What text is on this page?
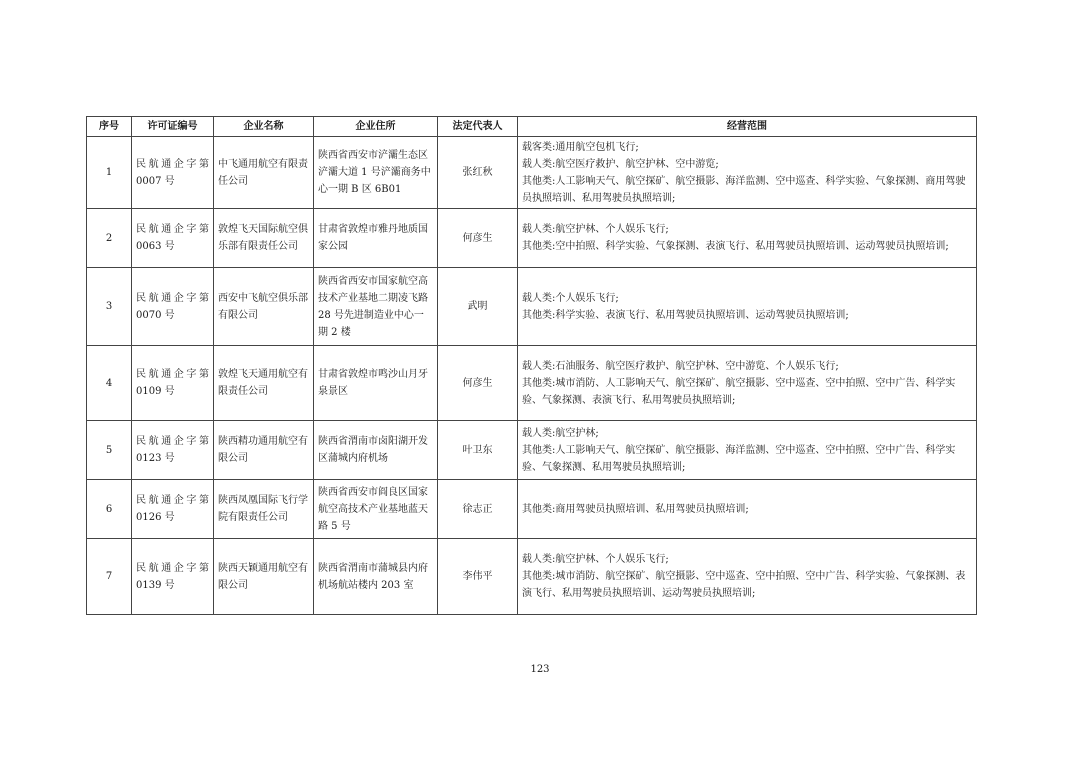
序号	许可证编号	企业名称	企业住所	法定代表人	经营范围
1	民航通企字第 0007 号	中飞通用航空有限责任公司	陕西省西安市浐灞生态区浐灞大道 1 号浐灞商务中心一期 B 区 6B01	张红秋	载客类:通用航空包机飞行;
载人类:航空医疗救护、航空护林、空中游览;
其他类:人工影响天气、航空探矿、航空摄影、海洋监测、空中巡查、科学实验、气象探测、商用驾驶员执照培训、私用驾驶员执照培训;

2	民航通企字第 0063 号	敦煌飞天国际航空俱乐部有限责任公司	甘肃省敦煌市雅丹地质国家公园	何彦生	载人类:航空护林、个人娱乐飞行;
其他类:空中拍照、科学实验、气象探测、表演飞行、私用驾驶员执照培训、运动驾驶员执照培训;

3	民航通企字第 0070 号	西安中飞航空俱乐部有限公司	陕西省西安市国家航空高技术产业基地二期凌飞路 28 号先进制造业中心一期 2 楼	武明	载人类:个人娱乐飞行;
其他类:科学实验、表演飞行、私用驾驶员执照培训、运动驾驶员执照培训;

4	民航通企字第 0109 号	敦煌飞天通用航空有限责任公司	甘肃省敦煌市鸣沙山月牙泉景区	何彦生	载人类:石油服务、航空医疗救护、航空护林、空中游览、个人娱乐飞行;
其他类:城市消防、人工影响天气、航空探矿、航空摄影、空中巡查、空中拍照、空中广告、科学实验、气象探测、表演飞行、私用驾驶员执照培训;

5	民航通企字第 0123 号	陕西精功通用航空有限公司	陕西省渭南市卤阳湖开发区蒲城内府机场	叶卫东	载人类:航空护林;
其他类:人工影响天气、航空探矿、航空摄影、海洋监测、空中巡查、空中拍照、空中广告、科学实验、气象探测、私用驾驶员执照培训;

6	民航通企字第 0126 号	陕西凤凰国际飞行学院有限责任公司	陕西省西安市阎良区国家航空高技术产业基地蓝天路 5 号	徐志正	其他类:商用驾驶员执照培训、私用驾驶员执照培训;

7	民航通企字第 0139 号	陕西天颖通用航空有限公司	陕西省渭南市蒲城县内府机场航站楼内 203 室	李伟平	载人类:航空护林、个人娱乐飞行;
其他类:城市消防、航空探矿、航空摄影、空中巡查、空中拍照、空中广告、科学实验、气象探测、表演飞行、私用驾驶员执照培训、运动驾驶员执照培训;
123
